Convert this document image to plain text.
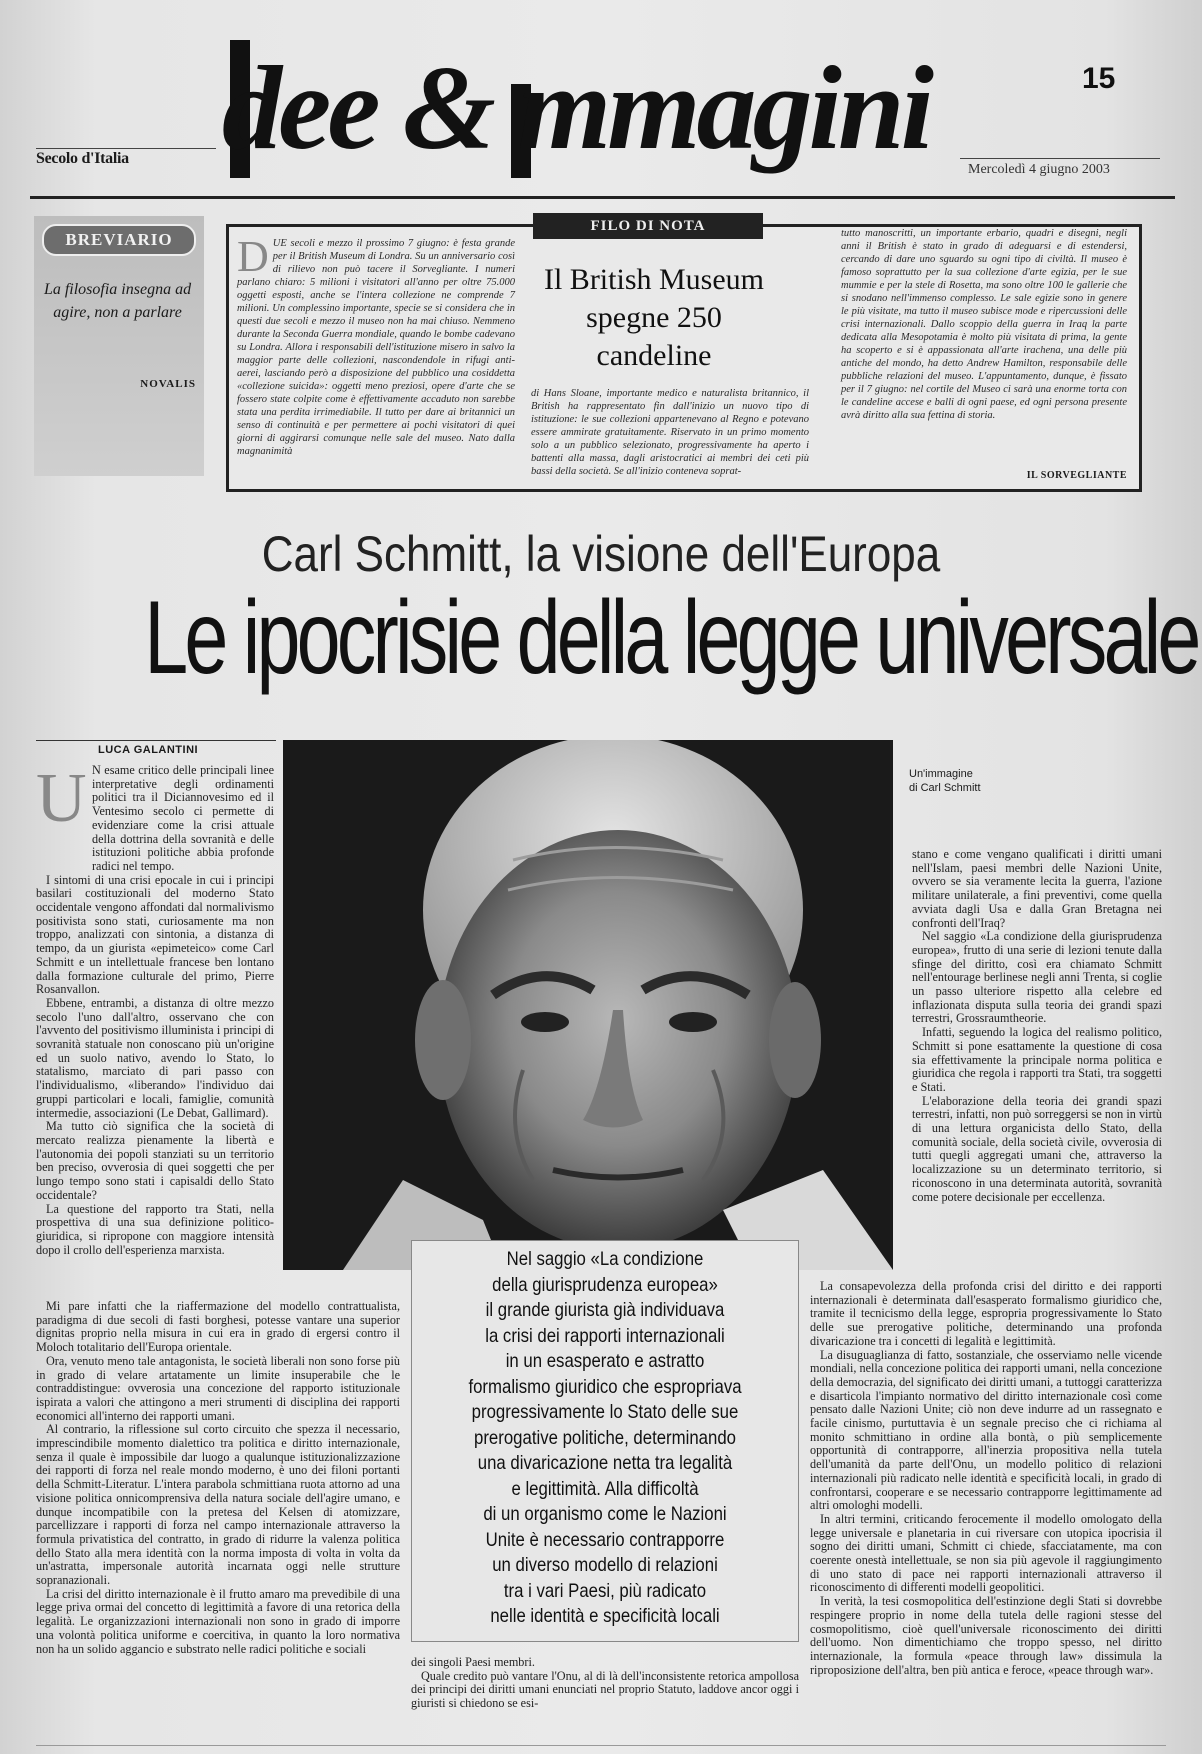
15
Secolo d'Italia dee & mmagini	Mercoledì 4 giugno 2003
BREVIARIO
La filosofia insegna ad agire, non a parlare
NOVALIS
FILO DI NOTA
DUE secoli e mezzo il prossimo 7 giugno: è festa grande per il British Museum di Londra. Su un anniversario così di rilievo non può tacere il Sorvegliante. I numeri parlano chiaro: 5 milioni i visitatori all'anno per oltre 75.000 oggetti esposti, anche se l'intera collezione ne comprende 7 milioni. Un complessino importante, specie se si considera che in questi due secoli e mezzo il museo non ha mai chiuso. Nemmeno durante la Seconda Guerra mondiale, quando le bombe cadevano su Londra. Allora i responsabili dell'istituzione misero in salvo la maggior parte delle collezioni, nascondendole in rifugi anti-aerei, lasciando però a disposizione del pubblico una cosiddetta «collezione suicida»: oggetti meno preziosi, opere d'arte che se fossero state colpite come è effettivamente accaduto non sarebbe stata una perdita irrimediabile. Il tutto per dare ai britannici un senso di continuità e per permettere ai pochi visitatori di quei giorni di aggirarsi comunque nelle sale del museo. Nato dalla magnanimità
Il British Museum spegne 250 candeline
di Hans Sloane, importante medico e naturalista britannico, il British ha rappresentato fin dall'inizio un nuovo tipo di istituzione: le sue collezioni appartenevano al Regno e potevano essere ammirate gratuitamente. Riservato in un primo momento solo a un pubblico selezionato, progressivamente ha aperto i battenti alla massa, dagli aristocratici ai membri dei ceti più bassi della società. Se all'inizio conteneva soprat-
tutto manoscritti, un importante erbario, quadri e disegni, negli anni il British è stato in grado di adeguarsi e di estendersi, cercando di dare uno sguardo su ogni tipo di civiltà. Il museo è famoso soprattutto per la sua collezione d'arte egizia, per le sue mummie e per la stele di Rosetta, ma sono oltre 100 le gallerie che si snodano nell'immenso complesso. Le sale egizie sono in genere le più visitate, ma tutto il museo subisce mode e ripercussioni delle crisi internazionali. Dallo scoppio della guerra in Iraq la parte dedicata alla Mesopotamia è molto più visitata di prima, la gente ha scoperto e si è appassionata all'arte irachena, una delle più antiche del mondo, ha detto Andrew Hamilton, responsabile delle pubbliche relazioni del museo. L'appuntamento, dunque, è fissato per il 7 giugno: nel cortile del Museo ci sarà una enorme torta con le candeline accese e balli di ogni paese, ed ogni persona presente avrà diritto alla sua fettina di storia.
IL SORVEGLIANTE
Carl Schmitt, la visione dell'Europa
Le ipocrisie della legge universale
LUCA GALANTINI
U N esame critico delle principali linee interpretative degli ordinamenti politici tra il Diciannovesimo ed il Ventesimo secolo ci permette di evidenziare come la crisi attuale della dottrina della sovranità e delle istituzioni politiche abbia profonde radici nel tempo.

I sintomi di una crisi epocale in cui i principi basilari costituzionali del moderno Stato occidentale vengono affondati dal normalivismo positivista sono stati, curiosamente ma non troppo, analizzati con sintonia, a distanza di tempo, da un giurista «epimeteico» come Carl Schmitt e un intellettuale francese ben lontano dalla formazione culturale del primo, Pierre Rosanvallon.

Ebbene, entrambi, a distanza di oltre mezzo secolo l'uno dall'altro, osservano che con l'avvento del positivismo illuminista i principi di sovranità statuale non conoscano più un'origine ed un suolo nativo, avendo lo Stato, lo statalismo, marciato di pari passo con l'individualismo, «liberando» l'individuo dai gruppi particolari e locali, famiglie, comunità intermedie, associazioni (Le Debat, Gallimard).

Ma tutto ciò significa che la società di mercato realizza pienamente la libertà e l'autonomia dei popoli stanziati su un territorio ben preciso, ovverosia di quei soggetti che per lungo tempo sono stati i capisaldi dello Stato occidentale?

La questione del rapporto tra Stati, nella prospettiva di una sua definizione politico-giuridica, si ripropone con maggiore intensità dopo il crollo dell'esperienza marxista.

Mi pare infatti che la riaffermazione del modello contrattualista, paradigma di due secoli di fasti borghesi, potesse vantare una superior dignitas proprio nella misura in cui era in grado di ergersi contro il Moloch totalitario dell'Europa orientale.

Ora, venuto meno tale antagonista, le società liberali non sono forse più in grado di velare artatamente un limite insuperabile che le contraddistingue: ovverosia una concezione del rapporto istituzionale ispirata a valori che attingono a meri strumenti di disciplina dei rapporti economici all'interno dei rapporti umani.

Al contrario, la riflessione sul corto circuito che spezza il necessario, imprescindibile momento dialettico tra politica e diritto internazionale, senza il quale è impossibile dar luogo a qualunque istituzionalizzazione dei rapporti di forza nel reale mondo moderno, è uno dei filoni portanti della Schmitt-Literatur. L'intera parabola schmittiana ruota attorno ad una visione politica onnicomprensiva della natura sociale dell'agire umano, e dunque incompatibile con la pretesa del Kelsen di atomizzare, parcellizzare i rapporti di forza nel campo internazionale attraverso la formula privatistica del contratto, in grado di ridurre la valenza politica dello Stato alla mera identità con la norma imposta di volta in volta da un'astratta, impersonale autorità incarnata oggi nelle strutture sopranazionali.

La crisi del diritto internazionale è il frutto amaro ma prevedibile di una legge priva ormai del concetto di legittimità a favore di una retorica della legalità. Le organizzazioni internazionali non sono in grado di imporre una volontà politica uniforme e coercitiva, in quanto la loro normativa non ha un solido aggancio e substrato nelle radici politiche e sociali

Un'immagine
di Carl Schmitt
Nel saggio «La condizione
della giurisprudenza europea»
il grande giurista già individuava
la crisi dei rapporti internazionali
in un esasperato e astratto
formalismo giuridico che espropriava
progressivamente lo Stato delle sue
prerogative politiche, determinando
una divaricazione netta tra legalità
e legittimità. Alla difficoltà
di un organismo come le Nazioni
Unite è necessario contrapporre
un diverso modello di relazioni
tra i vari Paesi, più radicato
nelle identità e specificità locali

dei singoli Paesi membri.

Quale credito può vantare l'Onu, al di là dell'inconsistente retorica ampollosa dei principi dei diritti umani enunciati nel proprio Statuto, laddove ancor oggi i giuristi si chiedono se esi-

stano e come vengano qualificati i diritti umani nell'Islam, paesi membri delle Nazioni Unite, ovvero se sia veramente lecita la guerra, l'azione militare unilaterale, a fini preventivi, come quella avviata dagli Usa e dalla Gran Bretagna nei confronti dell'Iraq?

Nel saggio «La condizione della giurisprudenza europea», frutto di una serie di lezioni tenute dalla sfinge del diritto, così era chiamato Schmitt nell'entourage berlinese negli anni Trenta, si coglie un passo ulteriore rispetto alla celebre ed inflazionata disputa sulla teoria dei grandi spazi terrestri, Grossraumtheorie.

Infatti, seguendo la logica del realismo politico, Schmitt si pone esattamente la questione di cosa sia effettivamente la principale norma politica e giuridica che regola i rapporti tra Stati, tra soggetti e Stati.

L'elaborazione della teoria dei grandi spazi terrestri, infatti, non può sorreggersi se non in virtù di una lettura organicista dello Stato, della comunità sociale, della società civile, ovverosia di tutti quegli aggregati umani che, attraverso la localizzazione su un determinato territorio, si riconoscono in una determinata autorità, sovranità come potere decisionale per eccellenza.

La consapevolezza della profonda crisi del diritto e dei rapporti internazionali è determinata dall'esasperato formalismo giuridico che, tramite il tecnicismo della legge, espropria progressivamente lo Stato delle sue prerogative politiche, determinando una profonda divaricazione tra i concetti di legalità e legittimità.

La disuguaglianza di fatto, sostanziale, che osserviamo nelle vicende mondiali, nella concezione politica dei rapporti umani, nella concezione della democrazia, del significato dei diritti umani, a tuttoggi caratterizza e disarticola l'impianto normativo del diritto internazionale così come pensato dalle Nazioni Unite; ciò non deve indurre ad un rassegnato e facile cinismo, purtuttavia è un segnale preciso che ci richiama al monito schmittiano in ordine alla bontà, o più semplicemente opportunità di contrapporre, all'inerzia propositiva nella tutela dell'umanità da parte dell'Onu, un modello politico di relazioni internazionali più radicato nelle identità e specificità locali, in grado di confrontarsi, cooperare e se necessario contrapporre legittimamente ad altri omologhi modelli.

In altri termini, criticando ferocemente il modello omologato della legge universale e planetaria in cui riversare con utopica ipocrisia il sogno dei diritti umani, Schmitt ci chiede, sfacciatamente, ma con coerente onestà intellettuale, se non sia più agevole il raggiungimento di uno stato di pace nei rapporti internazionali attraverso il riconoscimento di differenti modelli geopolitici.

In verità, la tesi cosmopolitica dell'estinzione degli Stati si dovrebbe respingere proprio in nome della tutela delle ragioni stesse del cosmopolitismo, cioè quell'universale riconoscimento dei diritti dell'uomo. Non dimentichiamo che troppo spesso, nel diritto internazionale, la formula «peace through law» dissimula la riproposizione dell'altra, ben più antica e feroce, «peace through war».
